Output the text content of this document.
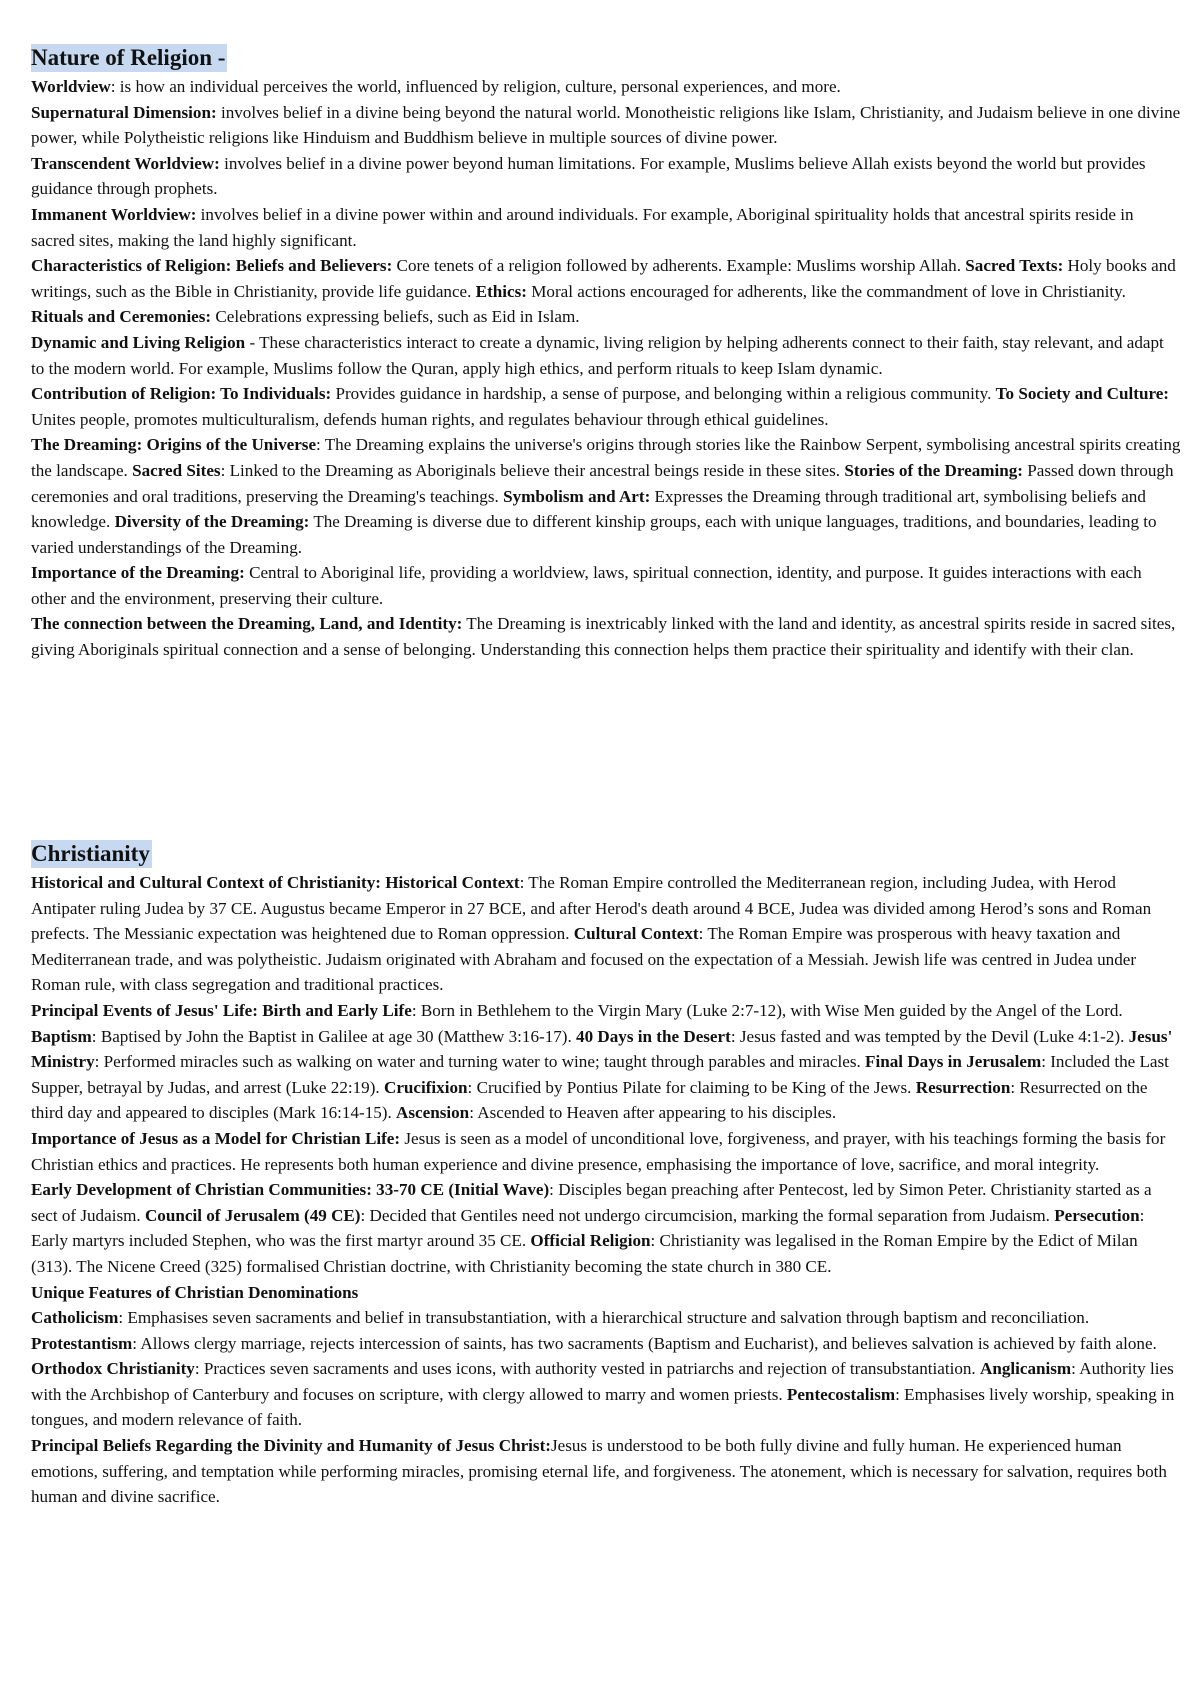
Nature of Religion -

Worldview: is how an individual perceives the world, influenced by religion, culture, personal experiences, and more.

Supernatural Dimension: involves belief in a divine being beyond the natural world. Monotheistic religions like Islam, Christianity, and Judaism believe in one divine power, while Polytheistic religions like Hinduism and Buddhism believe in multiple sources of divine power.

Transcendent Worldview: involves belief in a divine power beyond human limitations. For example, Muslims believe Allah exists beyond the world but provides guidance through prophets.

Immanent Worldview: involves belief in a divine power within and around individuals. For example, Aboriginal spirituality holds that ancestral spirits reside in sacred sites, making the land highly significant.

Characteristics of Religion: Beliefs and Believers: Core tenets of a religion followed by adherents. Example: Muslims worship Allah. Sacred Texts: Holy books and writings, such as the Bible in Christianity, provide life guidance. Ethics: Moral actions encouraged for adherents, like the commandment of love in Christianity. Rituals and Ceremonies: Celebrations expressing beliefs, such as Eid in Islam.

Dynamic and Living Religion - These characteristics interact to create a dynamic, living religion by helping adherents connect to their faith, stay relevant, and adapt to the modern world. For example, Muslims follow the Quran, apply high ethics, and perform rituals to keep Islam dynamic.

Contribution of Religion: To Individuals: Provides guidance in hardship, a sense of purpose, and belonging within a religious community. To Society and Culture: Unites people, promotes multiculturalism, defends human rights, and regulates behaviour through ethical guidelines.

The Dreaming: Origins of the Universe: The Dreaming explains the universe's origins through stories like the Rainbow Serpent, symbolising ancestral spirits creating the landscape. Sacred Sites: Linked to the Dreaming as Aboriginals believe their ancestral beings reside in these sites. Stories of the Dreaming: Passed down through ceremonies and oral traditions, preserving the Dreaming's teachings. Symbolism and Art: Expresses the Dreaming through traditional art, symbolising beliefs and knowledge. Diversity of the Dreaming: The Dreaming is diverse due to different kinship groups, each with unique languages, traditions, and boundaries, leading to varied understandings of the Dreaming.

Importance of the Dreaming: Central to Aboriginal life, providing a worldview, laws, spiritual connection, identity, and purpose. It guides interactions with each other and the environment, preserving their culture.

The connection between the Dreaming, Land, and Identity: The Dreaming is inextricably linked with the land and identity, as ancestral spirits reside in sacred sites, giving Aboriginals spiritual connection and a sense of belonging. Understanding this connection helps them practice their spirituality and identify with their clan.

Christianity

Historical and Cultural Context of Christianity: Historical Context: The Roman Empire controlled the Mediterranean region, including Judea, with Herod Antipater ruling Judea by 37 CE. Augustus became Emperor in 27 BCE, and after Herod's death around 4 BCE, Judea was divided among Herod’s sons and Roman prefects. The Messianic expectation was heightened due to Roman oppression. Cultural Context: The Roman Empire was prosperous with heavy taxation and Mediterranean trade, and was polytheistic. Judaism originated with Abraham and focused on the expectation of a Messiah. Jewish life was centred in Judea under Roman rule, with class segregation and traditional practices.

Principal Events of Jesus' Life: Birth and Early Life: Born in Bethlehem to the Virgin Mary (Luke 2:7-12), with Wise Men guided by the Angel of the Lord. Baptism: Baptised by John the Baptist in Galilee at age 30 (Matthew 3:16-17). 40 Days in the Desert: Jesus fasted and was tempted by the Devil (Luke 4:1-2). Jesus' Ministry: Performed miracles such as walking on water and turning water to wine; taught through parables and miracles. Final Days in Jerusalem: Included the Last Supper, betrayal by Judas, and arrest (Luke 22:19). Crucifixion: Crucified by Pontius Pilate for claiming to be King of the Jews. Resurrection: Resurrected on the third day and appeared to disciples (Mark 16:14-15). Ascension: Ascended to Heaven after appearing to his disciples.

Importance of Jesus as a Model for Christian Life: Jesus is seen as a model of unconditional love, forgiveness, and prayer, with his teachings forming the basis for Christian ethics and practices. He represents both human experience and divine presence, emphasising the importance of love, sacrifice, and moral integrity.

Early Development of Christian Communities: 33-70 CE (Initial Wave): Disciples began preaching after Pentecost, led by Simon Peter. Christianity started as a sect of Judaism. Council of Jerusalem (49 CE): Decided that Gentiles need not undergo circumcision, marking the formal separation from Judaism. Persecution: Early martyrs included Stephen, who was the first martyr around 35 CE. Official Religion: Christianity was legalised in the Roman Empire by the Edict of Milan (313). The Nicene Creed (325) formalised Christian doctrine, with Christianity becoming the state church in 380 CE.

Unique Features of Christian Denominations

Catholicism: Emphasises seven sacraments and belief in transubstantiation, with a hierarchical structure and salvation through baptism and reconciliation. Protestantism: Allows clergy marriage, rejects intercession of saints, has two sacraments (Baptism and Eucharist), and believes salvation is achieved by faith alone. Orthodox Christianity: Practices seven sacraments and uses icons, with authority vested in patriarchs and rejection of transubstantiation. Anglicanism: Authority lies with the Archbishop of Canterbury and focuses on scripture, with clergy allowed to marry and women priests. Pentecostalism: Emphasises lively worship, speaking in tongues, and modern relevance of faith.

Principal Beliefs Regarding the Divinity and Humanity of Jesus Christ:Jesus is understood to be both fully divine and fully human. He experienced human emotions, suffering, and temptation while performing miracles, promising eternal life, and forgiveness. The atonement, which is necessary for salvation, requires both human and divine sacrifice.
